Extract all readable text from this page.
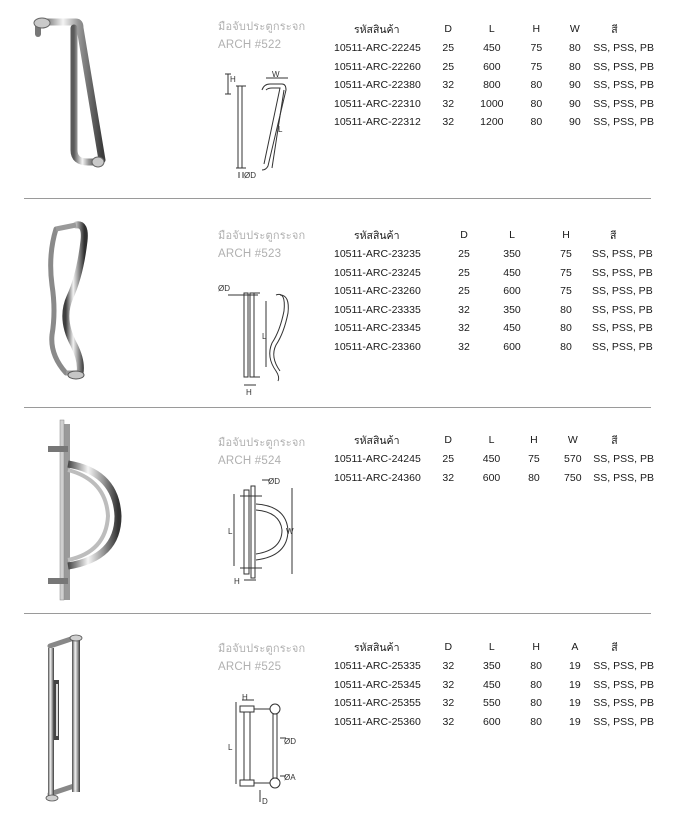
มือจับประตูกระจก
ARCH #522
H
W
L
ØD
รหัสสินค้า	D	L	H	W	สี
10511-ARC-22245	25	450	75	80	SS, PSS, PB
10511-ARC-22260	25	600	75	80	SS, PSS, PB
10511-ARC-22380	32	800	80	90	SS, PSS, PB
10511-ARC-22310	32	1000	80	90	SS, PSS, PB
10511-ARC-22312	32	1200	80	90	SS, PSS, PB
มือจับประตูกระจก
ARCH #523
ØD
L
H
รหัสสินค้า	D	L	H	สี
10511-ARC-23235	25	350	75	SS, PSS, PB
10511-ARC-23245	25	450	75	SS, PSS, PB
10511-ARC-23260	25	600	75	SS, PSS, PB
10511-ARC-23335	32	350	80	SS, PSS, PB
10511-ARC-23345	32	450	80	SS, PSS, PB
10511-ARC-23360	32	600	80	SS, PSS, PB
มือจับประตูกระจก
ARCH #524
ØD
L	W
H
รหัสสินค้า	D	L	H	W	สี
10511-ARC-24245	25	450	75	570	SS, PSS, PB
10511-ARC-24360	32	600	80	750	SS, PSS, PB
มือจับประตูกระจก
ARCH #525
H
L
ØD
ØA
D
รหัสสินค้า	D	L	H	A	สี
10511-ARC-25335	32	350	80	19	SS, PSS, PB
10511-ARC-25345	32	450	80	19	SS, PSS, PB
10511-ARC-25355	32	550	80	19	SS, PSS, PB
10511-ARC-25360	32	600	80	19	SS, PSS, PB
